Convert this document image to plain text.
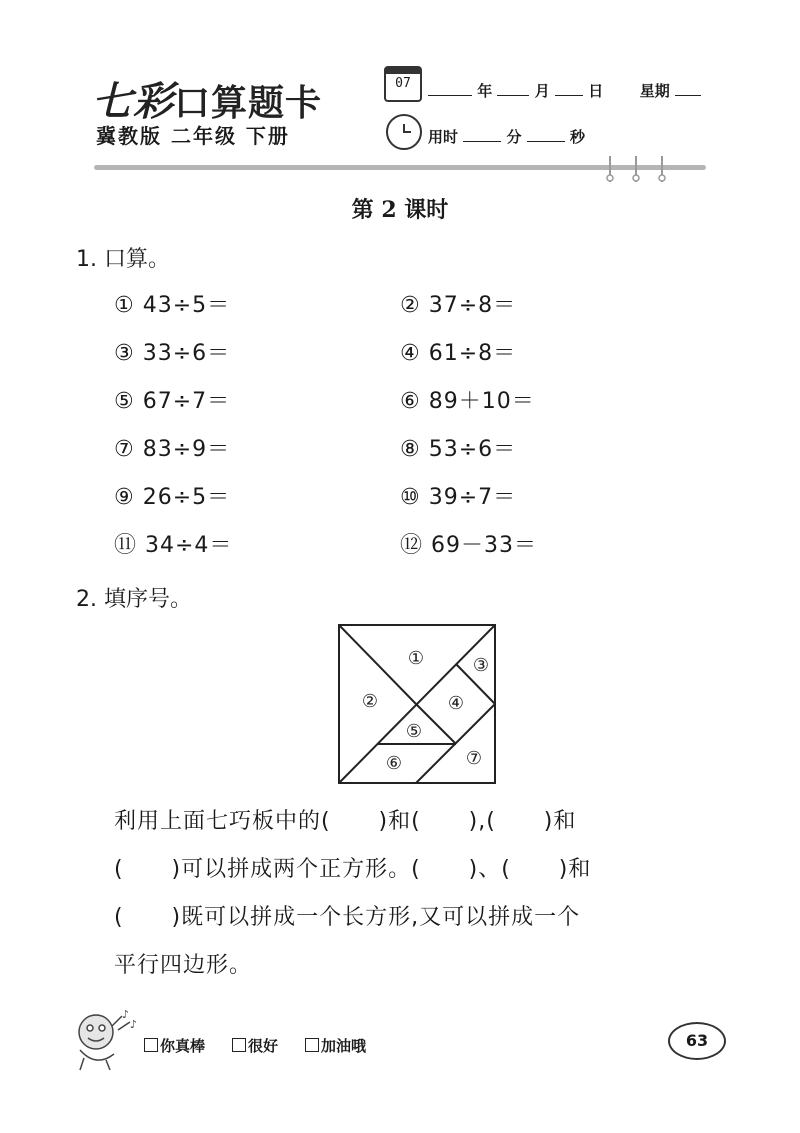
七彩口算题卡
冀教版 二年级 下册
07	年	月	日 星期
用时	分	秒
第 2 课时
1. 口算。
① 43÷5＝	② 37÷8＝
③ 33÷6＝	④ 61÷8＝
⑤ 67÷7＝	⑥ 89＋10＝
⑦ 83÷9＝	⑧ 53÷6＝
⑨ 26÷5＝	⑩ 39÷7＝
⑪ 34÷4＝	⑫ 69－33＝
2. 填序号。
①
②
③
④
⑤
⑥	⑦
利用上面七巧板中的(      )和(      ),(      )和
(      )可以拼成两个正方形。(      )、(      )和
(      )既可以拼成一个长方形,又可以拼成一个
平行四边形。
♪
♪
你真棒	很好	加油哦	63
